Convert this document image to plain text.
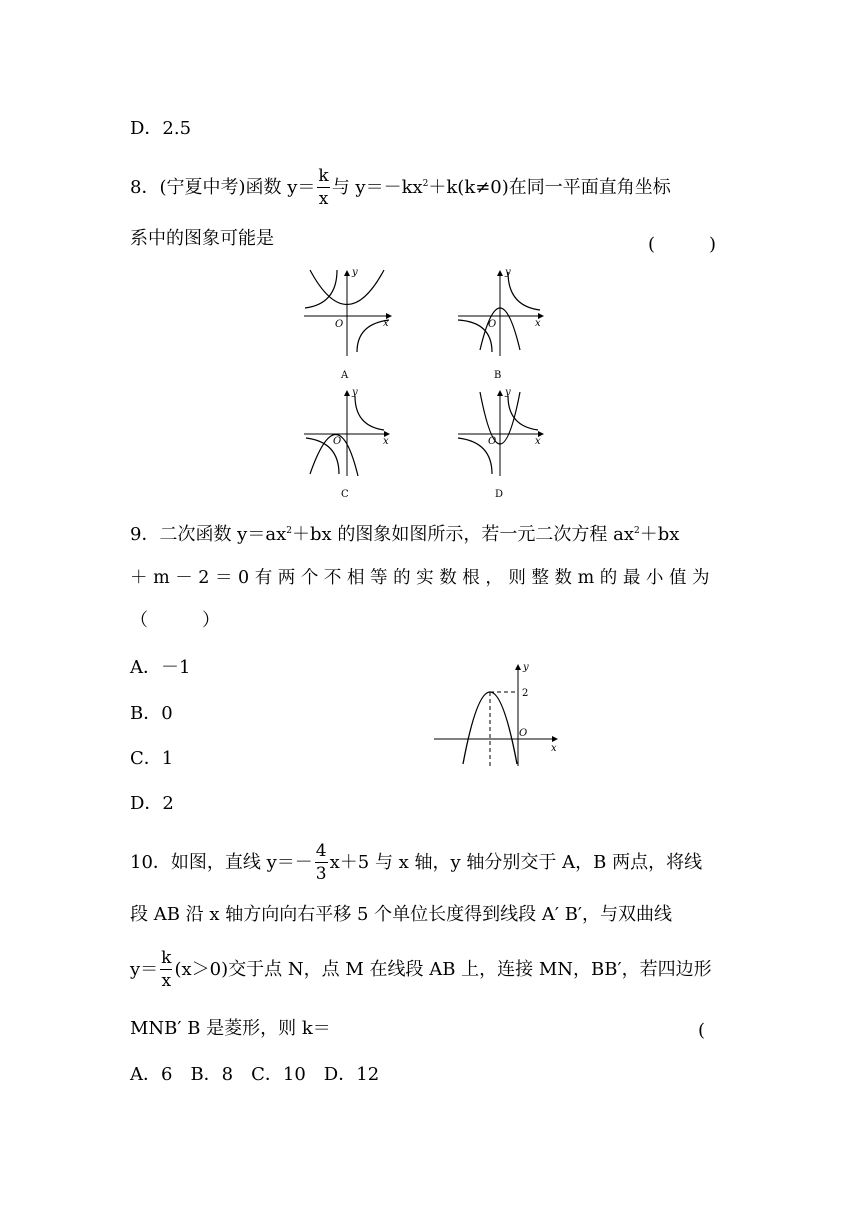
D．2.5
8．(宁夏中考)函数 $y= \frac{k}{x}$ 与 $y=-kx^2+k(k\ne 0)$在同一平面直角坐标
系中的图象可能是	(　　　)
x
y
O
A
x
y
O
B
x
y
O
C
x
y
O
D
9．二次函数 $y=ax^2+bx$ 的图象如图所示，若一元二次方程 $ax^2+bx$
＋ m － 2 ＝ 0 有 两 个 不 相 等 的 实 数 根 ， 则 整 数 m 的 最 小 值 为
（　　　）
A．－1
B．0
C．1
D．2
2
x
y
O
10．如图，直线 $y=- \frac{4}{3} x+5$ 与 x 轴，y 轴分别交于 A，B 两点，将线
段 AB 沿 x 轴方向向右平移 5 个单位长度得到线段 A′ B′，与双曲线
$y= \frac{k}{x} (x>0)$交于点 N，点 M 在线段 AB 上，连接 MN，BB′，若四边形
MNB′ B 是菱形，则 k＝	(
A．6　B．8　C．10　D．12
